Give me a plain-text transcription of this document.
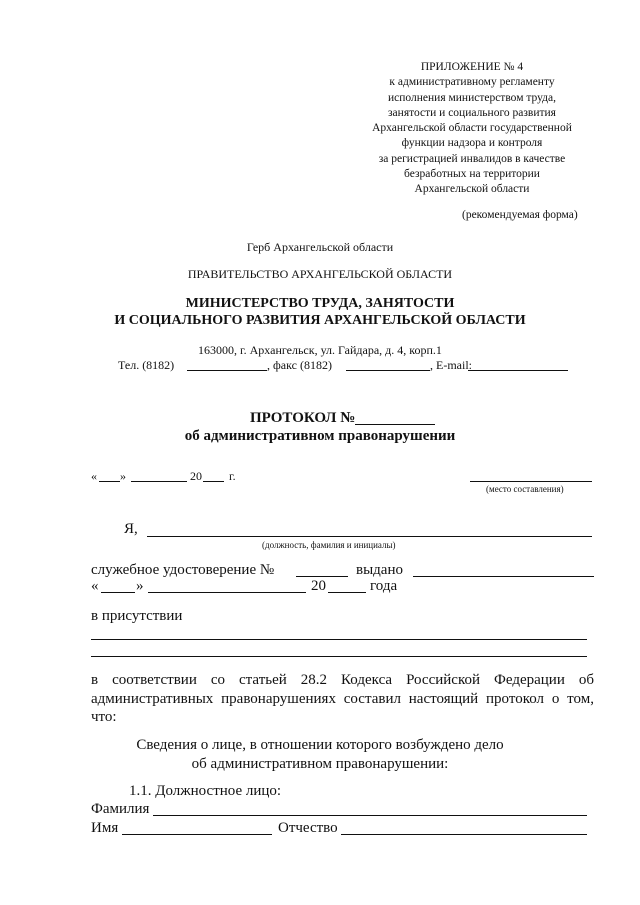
ПРИЛОЖЕНИЕ № 4
к административному регламенту
исполнения министерством труда,
занятости и социального развития
Архангельской области государственной
функции надзора и контроля
за регистрацией инвалидов в качестве
безработных на территории
Архангельской области
(рекомендуемая форма)
Герб Архангельской области
ПРАВИТЕЛЬСТВО АРХАНГЕЛЬСКОЙ ОБЛАСТИ
МИНИСТЕРСТВО ТРУДА, ЗАНЯТОСТИ
И СОЦИАЛЬНОГО РАЗВИТИЯ АРХАНГЕЛЬСКОЙ ОБЛАСТИ
163000, г. Архангельск, ул. Гайдара, д. 4, корп.1
Тел. (8182)	, факс (8182)	, E-mail:
ПРОТОКОЛ №
об административном правонарушении
« »	20 г.
(место составления)
Я,
(должность, фамилия и инициалы)
служебное удостоверение №	выдано
«	»	20	года
в присутствии
в соответствии со статьей 28.2 Кодекса Российской Федерации об
административных правонарушениях составил настоящий протокол о том,
что:
Сведения о лице, в отношении которого возбуждено дело
об административном правонарушении:
1.1. Должностное лицо:
Фамилия
Имя	Отчество
